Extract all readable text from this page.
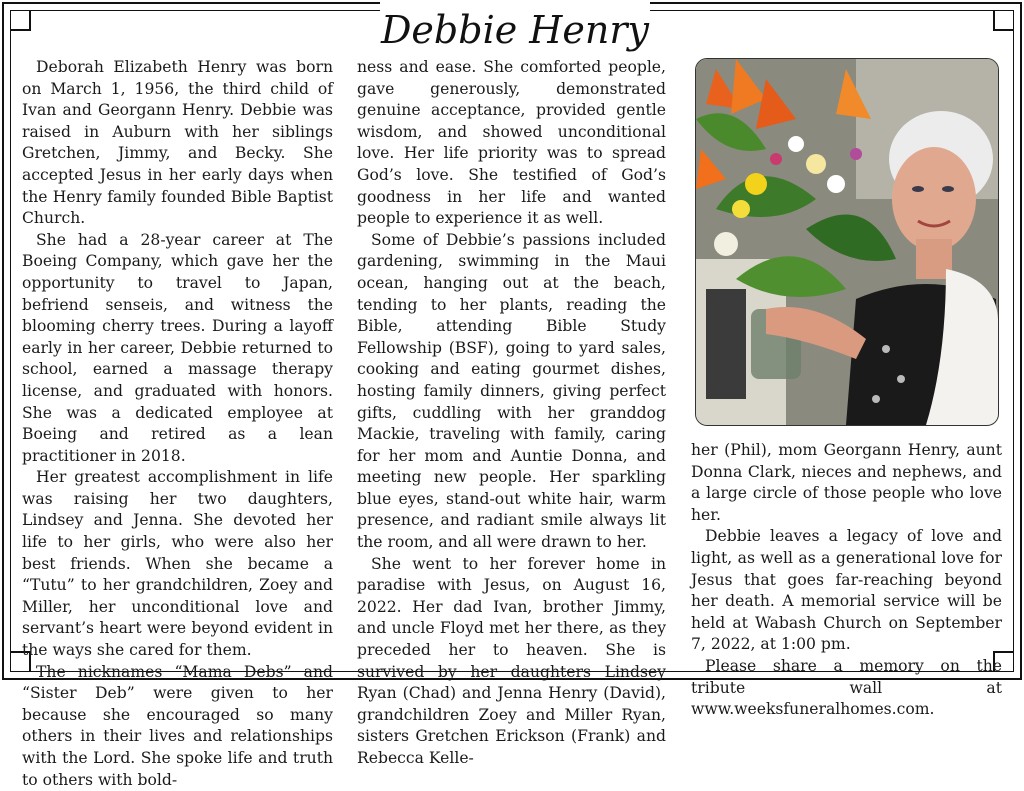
Debbie Henry

Deborah Elizabeth Henry was born on March 1, 1956, the third child of Ivan and Georgann Henry. Debbie was raised in Auburn with her siblings Gretchen, Jimmy, and Becky. She accepted Jesus in her early days when the Henry family founded Bible Baptist Church.

She had a 28-year career at The Boeing Company, which gave her the opportunity to travel to Japan, befriend senseis, and witness the blooming cherry trees. During a layoff early in her career, Debbie returned to school, earned a massage therapy license, and graduated with honors. She was a dedicated employee at Boeing and retired as a lean practitioner in 2018.

Her greatest accomplishment in life was raising her two daughters, Lindsey and Jenna. She devoted her life to her girls, who were also her best friends. When she became a “Tutu” to her grandchildren, Zoey and Miller, her unconditional love and servant’s heart were beyond evident in the ways she cared for them.

The nicknames “Mama Debs” and “Sister Deb” were given to her because she encouraged so many others in their lives and relationships with the Lord. She spoke life and truth to others with bold-

ness and ease. She comforted people, gave generously, demonstrated genuine acceptance, provided gentle wisdom, and showed unconditional love. Her life priority was to spread God’s love. She testified of God’s goodness in her life and wanted people to experience it as well.

Some of Debbie’s passions included gardening, swimming in the Maui ocean, hanging out at the beach, tending to her plants, reading the Bible, attending Bible Study Fellowship (BSF), going to yard sales, cooking and eating gourmet dishes, hosting family dinners, giving perfect gifts, cuddling with her granddog Mackie, traveling with family, caring for her mom and Auntie Donna, and meeting new people. Her sparkling blue eyes, stand-out white hair, warm presence, and radiant smile always lit the room, and all were drawn to her.

She went to her forever home in paradise with Jesus, on August 16, 2022. Her dad Ivan, brother Jimmy, and uncle Floyd met her there, as they preceded her to heaven. She is survived by her daughters Lindsey Ryan (Chad) and Jenna Henry (David), grandchildren Zoey and Miller Ryan, sisters Gretchen Erickson (Frank) and Rebecca Kelle-

her (Phil), mom Georgann Henry, aunt Donna Clark, nieces and nephews, and a large circle of those people who love her.

Debbie leaves a legacy of love and light, as well as a generational love for Jesus that goes far-reaching beyond her death. A memorial service will be held at Wabash Church on September 7, 2022, at 1:00 pm.

Please share a memory on the tribute wall at www.weeksfuneralhomes.com.
